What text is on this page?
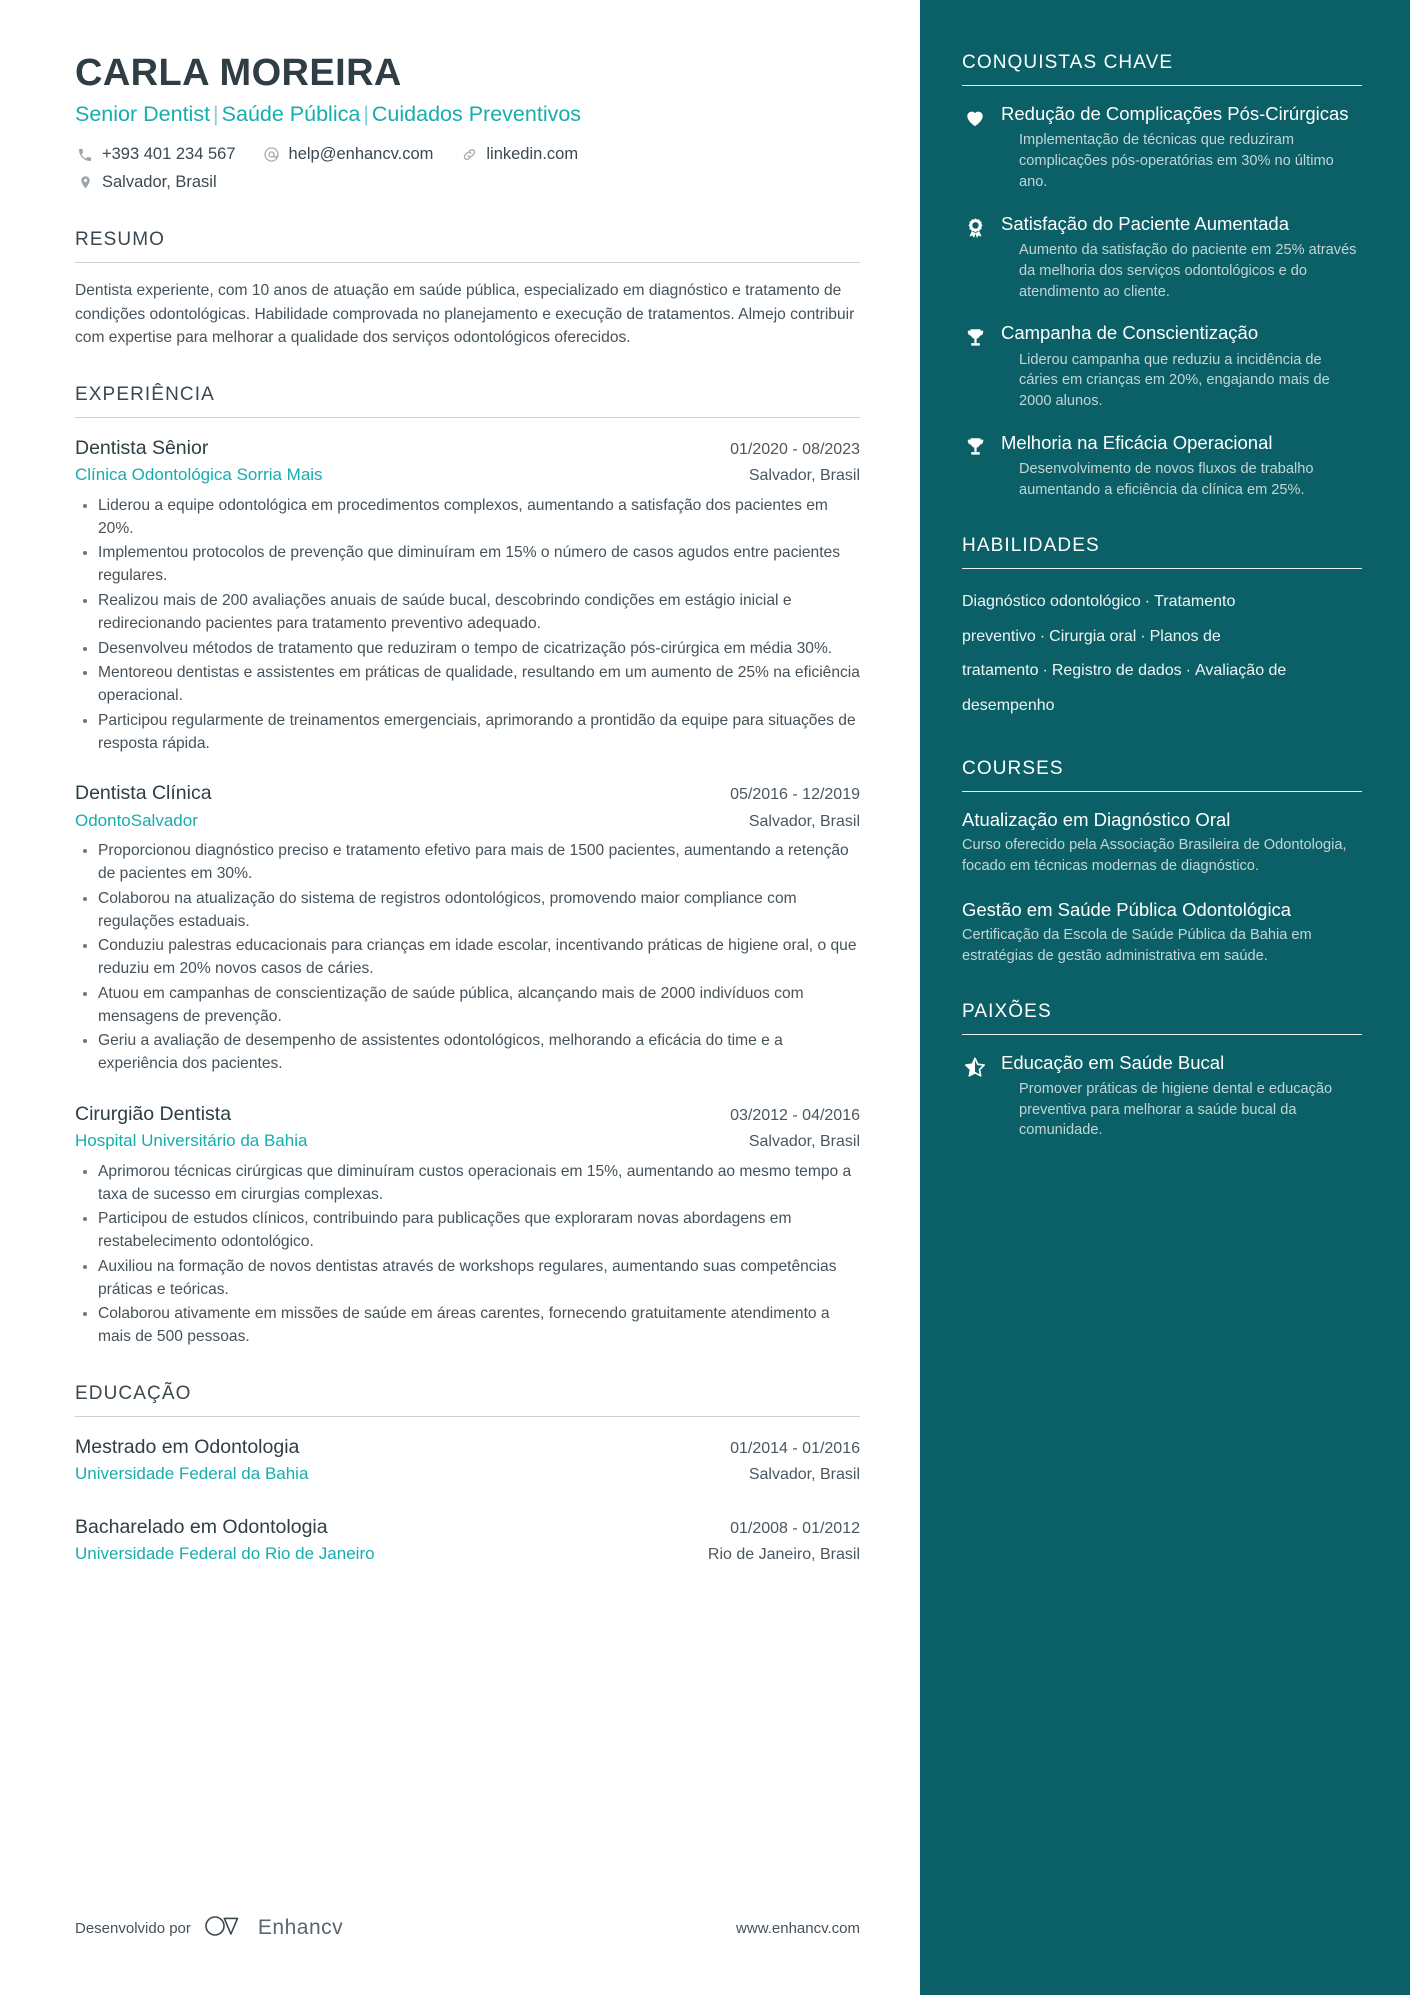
CARLA MOREIRA
Senior Dentist | Saúde Pública | Cuidados Preventivos
+393 401 234 567	help@enhancv.com	linkedin.com
Salvador, Brasil
RESUMO
Dentista experiente, com 10 anos de atuação em saúde pública, especializado em diagnóstico e tratamento de condições odontológicas. Habilidade comprovada no planejamento e execução de tratamentos. Almejo contribuir com expertise para melhorar a qualidade dos serviços odontológicos oferecidos.
EXPERIÊNCIA
Dentista Sênior	01/2020 - 08/2023
Clínica Odontológica Sorria Mais	Salvador, Brasil
Liderou a equipe odontológica em procedimentos complexos, aumentando a satisfação dos pacientes em 20%.
Implementou protocolos de prevenção que diminuíram em 15% o número de casos agudos entre pacientes regulares.
Realizou mais de 200 avaliações anuais de saúde bucal, descobrindo condições em estágio inicial e redirecionando pacientes para tratamento preventivo adequado.
Desenvolveu métodos de tratamento que reduziram o tempo de cicatrização pós-cirúrgica em média 30%.
Mentoreou dentistas e assistentes em práticas de qualidade, resultando em um aumento de 25% na eficiência operacional.
Participou regularmente de treinamentos emergenciais, aprimorando a prontidão da equipe para situações de resposta rápida.
Dentista Clínica	05/2016 - 12/2019
OdontoSalvador	Salvador, Brasil
Proporcionou diagnóstico preciso e tratamento efetivo para mais de 1500 pacientes, aumentando a retenção de pacientes em 30%.
Colaborou na atualização do sistema de registros odontológicos, promovendo maior compliance com regulações estaduais.
Conduziu palestras educacionais para crianças em idade escolar, incentivando práticas de higiene oral, o que reduziu em 20% novos casos de cáries.
Atuou em campanhas de conscientização de saúde pública, alcançando mais de 2000 indivíduos com mensagens de prevenção.
Geriu a avaliação de desempenho de assistentes odontológicos, melhorando a eficácia do time e a experiência dos pacientes.
Cirurgião Dentista	03/2012 - 04/2016
Hospital Universitário da Bahia	Salvador, Brasil
Aprimorou técnicas cirúrgicas que diminuíram custos operacionais em 15%, aumentando ao mesmo tempo a taxa de sucesso em cirurgias complexas.
Participou de estudos clínicos, contribuindo para publicações que exploraram novas abordagens em restabelecimento odontológico.
Auxiliou na formação de novos dentistas através de workshops regulares, aumentando suas competências práticas e teóricas.
Colaborou ativamente em missões de saúde em áreas carentes, fornecendo gratuitamente atendimento a mais de 500 pessoas.
EDUCAÇÃO
Mestrado em Odontologia	01/2014 - 01/2016
Universidade Federal da Bahia	Salvador, Brasil
Bacharelado em Odontologia	01/2008 - 01/2012
Universidade Federal do Rio de Janeiro	Rio de Janeiro, Brasil
Desenvolvido por	Enhancv	www.enhancv.com
CONQUISTAS CHAVE
Redução de Complicações Pós-Cirúrgicas
Implementação de técnicas que reduziram complicações pós-operatórias em 30% no último ano.
1 Satisfação do Paciente Aumentada
Aumento da satisfação do paciente em 25% através da melhoria dos serviços odontológicos e do atendimento ao cliente.
Campanha de Conscientização
Liderou campanha que reduziu a incidência de cáries em crianças em 20%, engajando mais de 2000 alunos.
Melhoria na Eficácia Operacional
Desenvolvimento de novos fluxos de trabalho aumentando a eficiência da clínica em 25%.
HABILIDADES
Diagnóstico odontológico · Tratamento preventivo · Cirurgia oral · Planos de tratamento · Registro de dados · Avaliação de desempenho
COURSES
Atualização em Diagnóstico Oral
Curso oferecido pela Associação Brasileira de Odontologia, focado em técnicas modernas de diagnóstico.
Gestão em Saúde Pública Odontológica
Certificação da Escola de Saúde Pública da Bahia em estratégias de gestão administrativa em saúde.
PAIXÕES
Educação em Saúde Bucal
Promover práticas de higiene dental e educação preventiva para melhorar a saúde bucal da comunidade.
